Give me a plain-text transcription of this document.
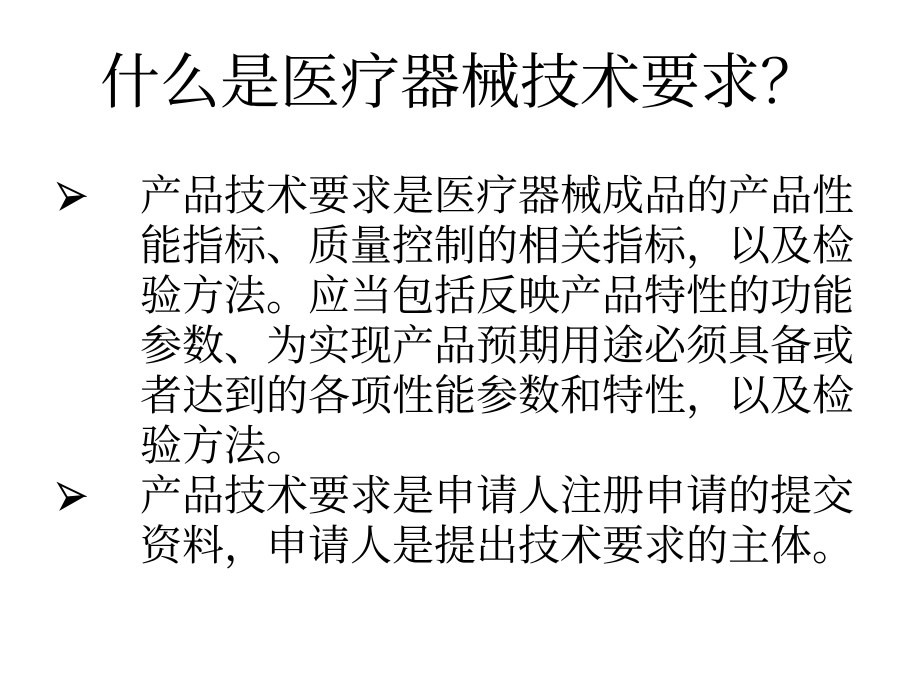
什么是医疗器械技术要求？
产品技术要求是医疗器械成品的产品性
能指标、质量控制的相关指标，以及检
验方法。应当包括反映产品特性的功能
参数、为实现产品预期用途必须具备或
者达到的各项性能参数和特性，以及检
验方法。
产品技术要求是申请人注册申请的提交
资料，申请人是提出技术要求的主体。
